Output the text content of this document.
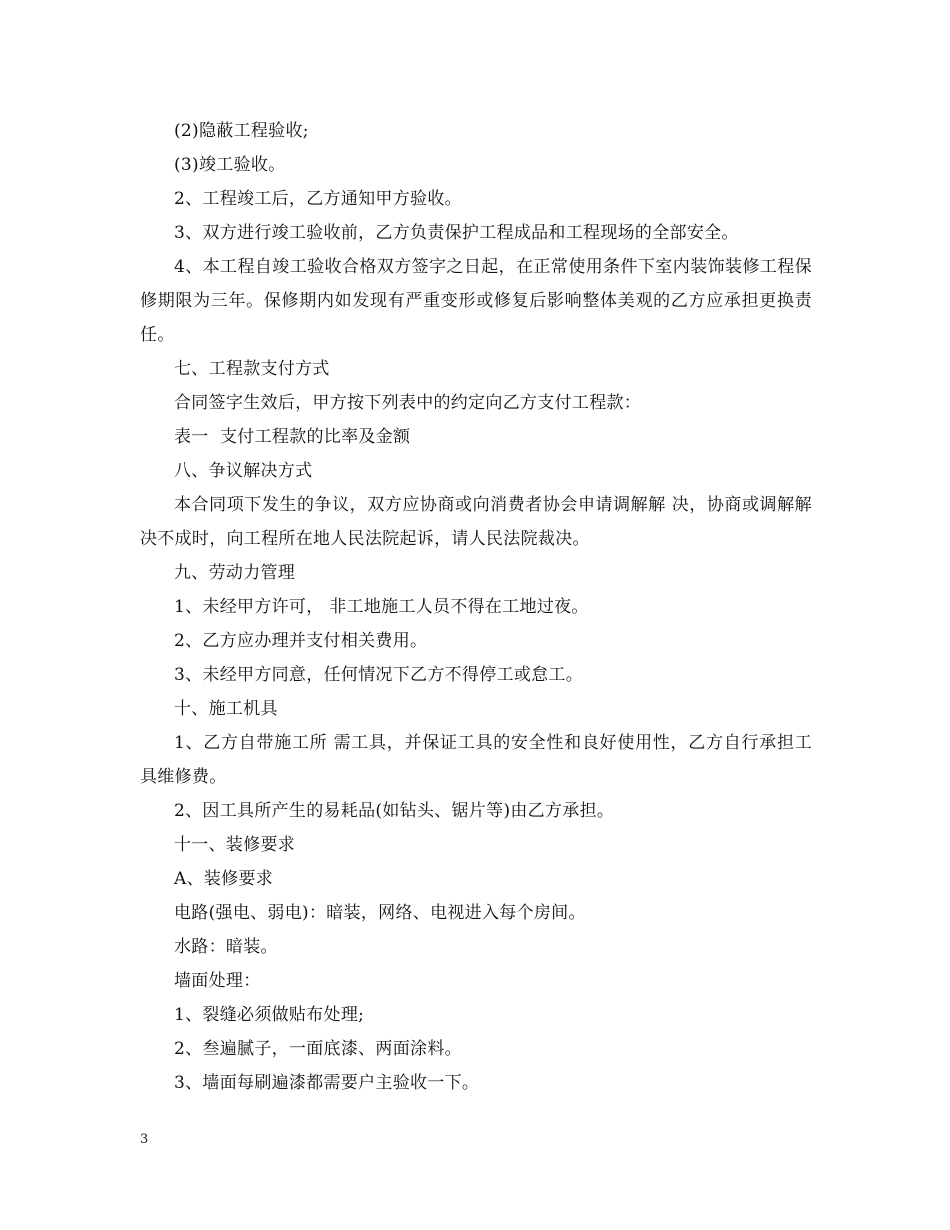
(2)隐蔽工程验收;

(3)竣工验收。

2、工程竣工后，乙方通知甲方验收。

3、双方进行竣工验收前，乙方负责保护工程成品和工程现场的全部安全。

4、本工程自竣工验收合格双方签字之日起，在正常使用条件下室内装饰装修工程保修期限为三年。保修期内如发现有严重变形或修复后影响整体美观的乙方应承担更换责任。

七、工程款支付方式

合同签字生效后，甲方按下列表中的约定向乙方支付工程款：

表一  支付工程款的比率及金额

八、争议解决方式

本合同项下发生的争议，双方应协商或向消费者协会申请调解解 决，协商或调解解决不成时，向工程所在地人民法院起诉，请人民法院裁决。

九、劳动力管理

1、未经甲方许可， 非工地施工人员不得在工地过夜。

2、乙方应办理并支付相关费用。

3、未经甲方同意，任何情况下乙方不得停工或怠工。

十、施工机具

1、乙方自带施工所 需工具，并保证工具的安全性和良好使用性，乙方自行承担工具维修费。

2、因工具所产生的易耗品(如钻头、锯片等)由乙方承担。

十一、装修要求

A、装修要求

电路(强电、弱电)：暗装，网络、电视进入每个房间。

水路：暗装。

墙面处理：

1、裂缝必须做贴布处理;

2、叁遍腻子，一面底漆、两面涂料。

3、墙面每刷遍漆都需要户主验收一下。

3
